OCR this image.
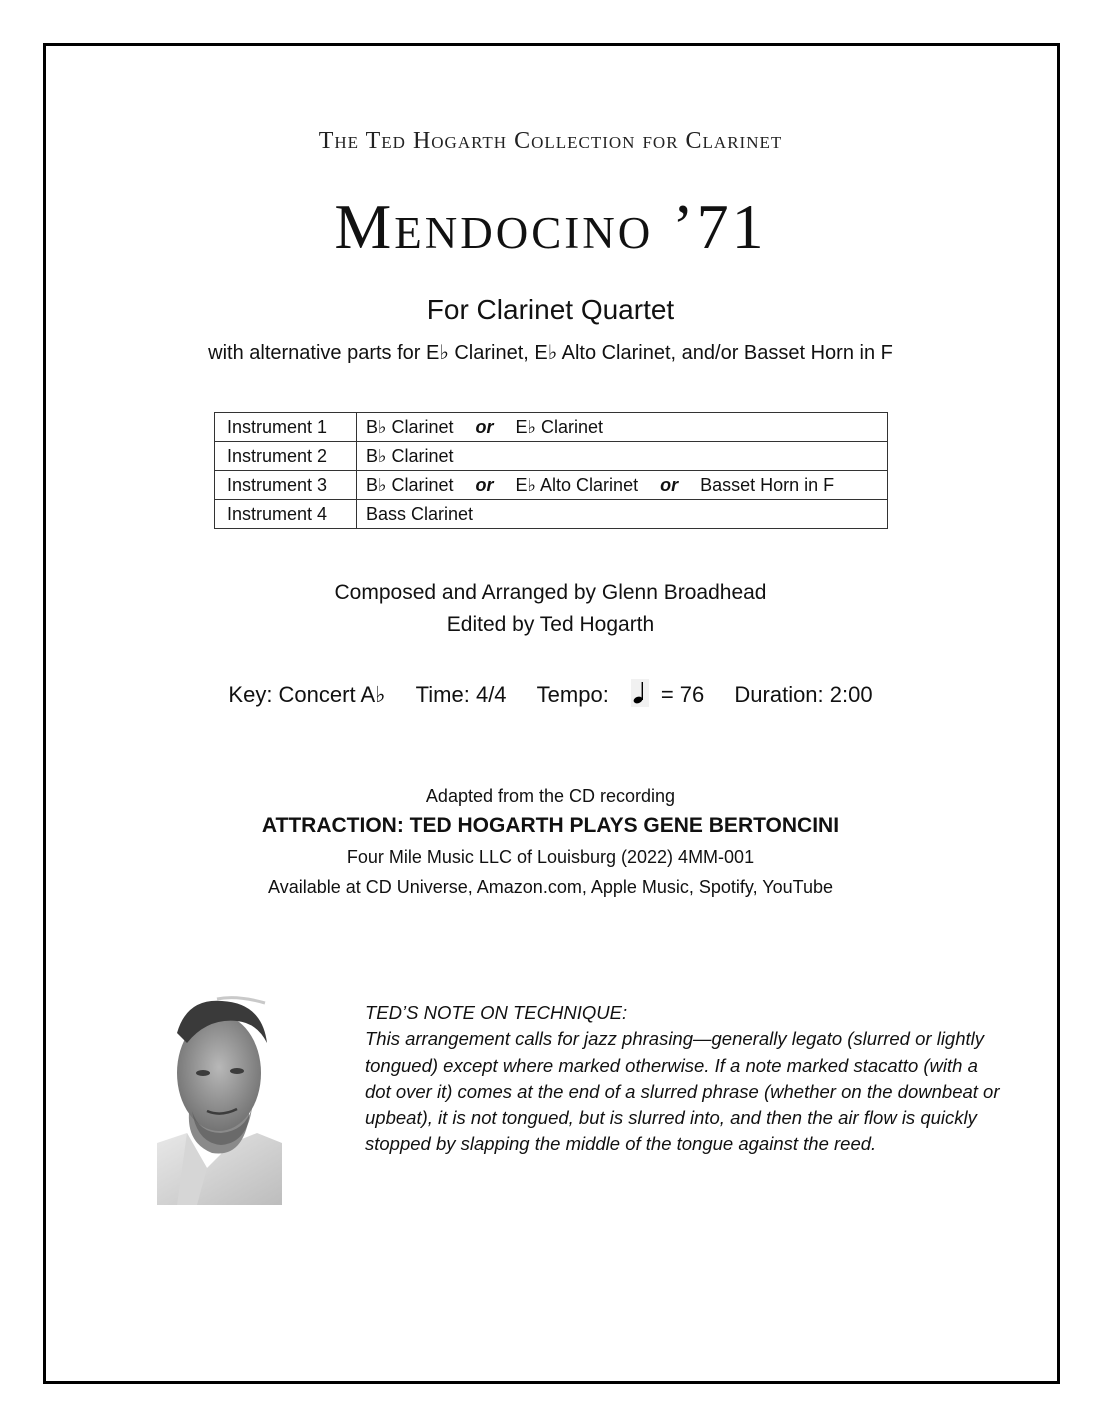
The Ted Hogarth Collection for Clarinet
Mendocino ’71
For Clarinet Quartet
with alternative parts for E♭ Clarinet, E♭ Alto Clarinet, and/or Basset Horn in F
Instrument 1	B♭ Clarinet or E♭ Clarinet
Instrument 2	B♭ Clarinet
Instrument 3	B♭ Clarinet or E♭ Alto Clarinet or Basset Horn in F
Instrument 4	Bass Clarinet
Composed and Arranged by Glenn Broadhead
Edited by Ted Hogarth
Key: Concert A♭ Time: 4/4 Tempo: = 76 Duration: 2:00
Adapted from the CD recording
ATTRACTION: TED HOGARTH PLAYS GENE BERTONCINI
Four Mile Music LLC of Louisburg (2022) 4MM-001
Available at CD Universe, Amazon.com, Apple Music, Spotify, YouTube
TED’S NOTE ON TECHNIQUE:
This arrangement calls for jazz phrasing—generally legato (slurred or lightly tongued) except where marked otherwise. If a note marked stacatto (with a dot over it) comes at the end of a slurred phrase (whether on the downbeat or upbeat), it is not tongued, but is slurred into, and then the air flow is quickly stopped by slapping the middle of the tongue against the reed.
